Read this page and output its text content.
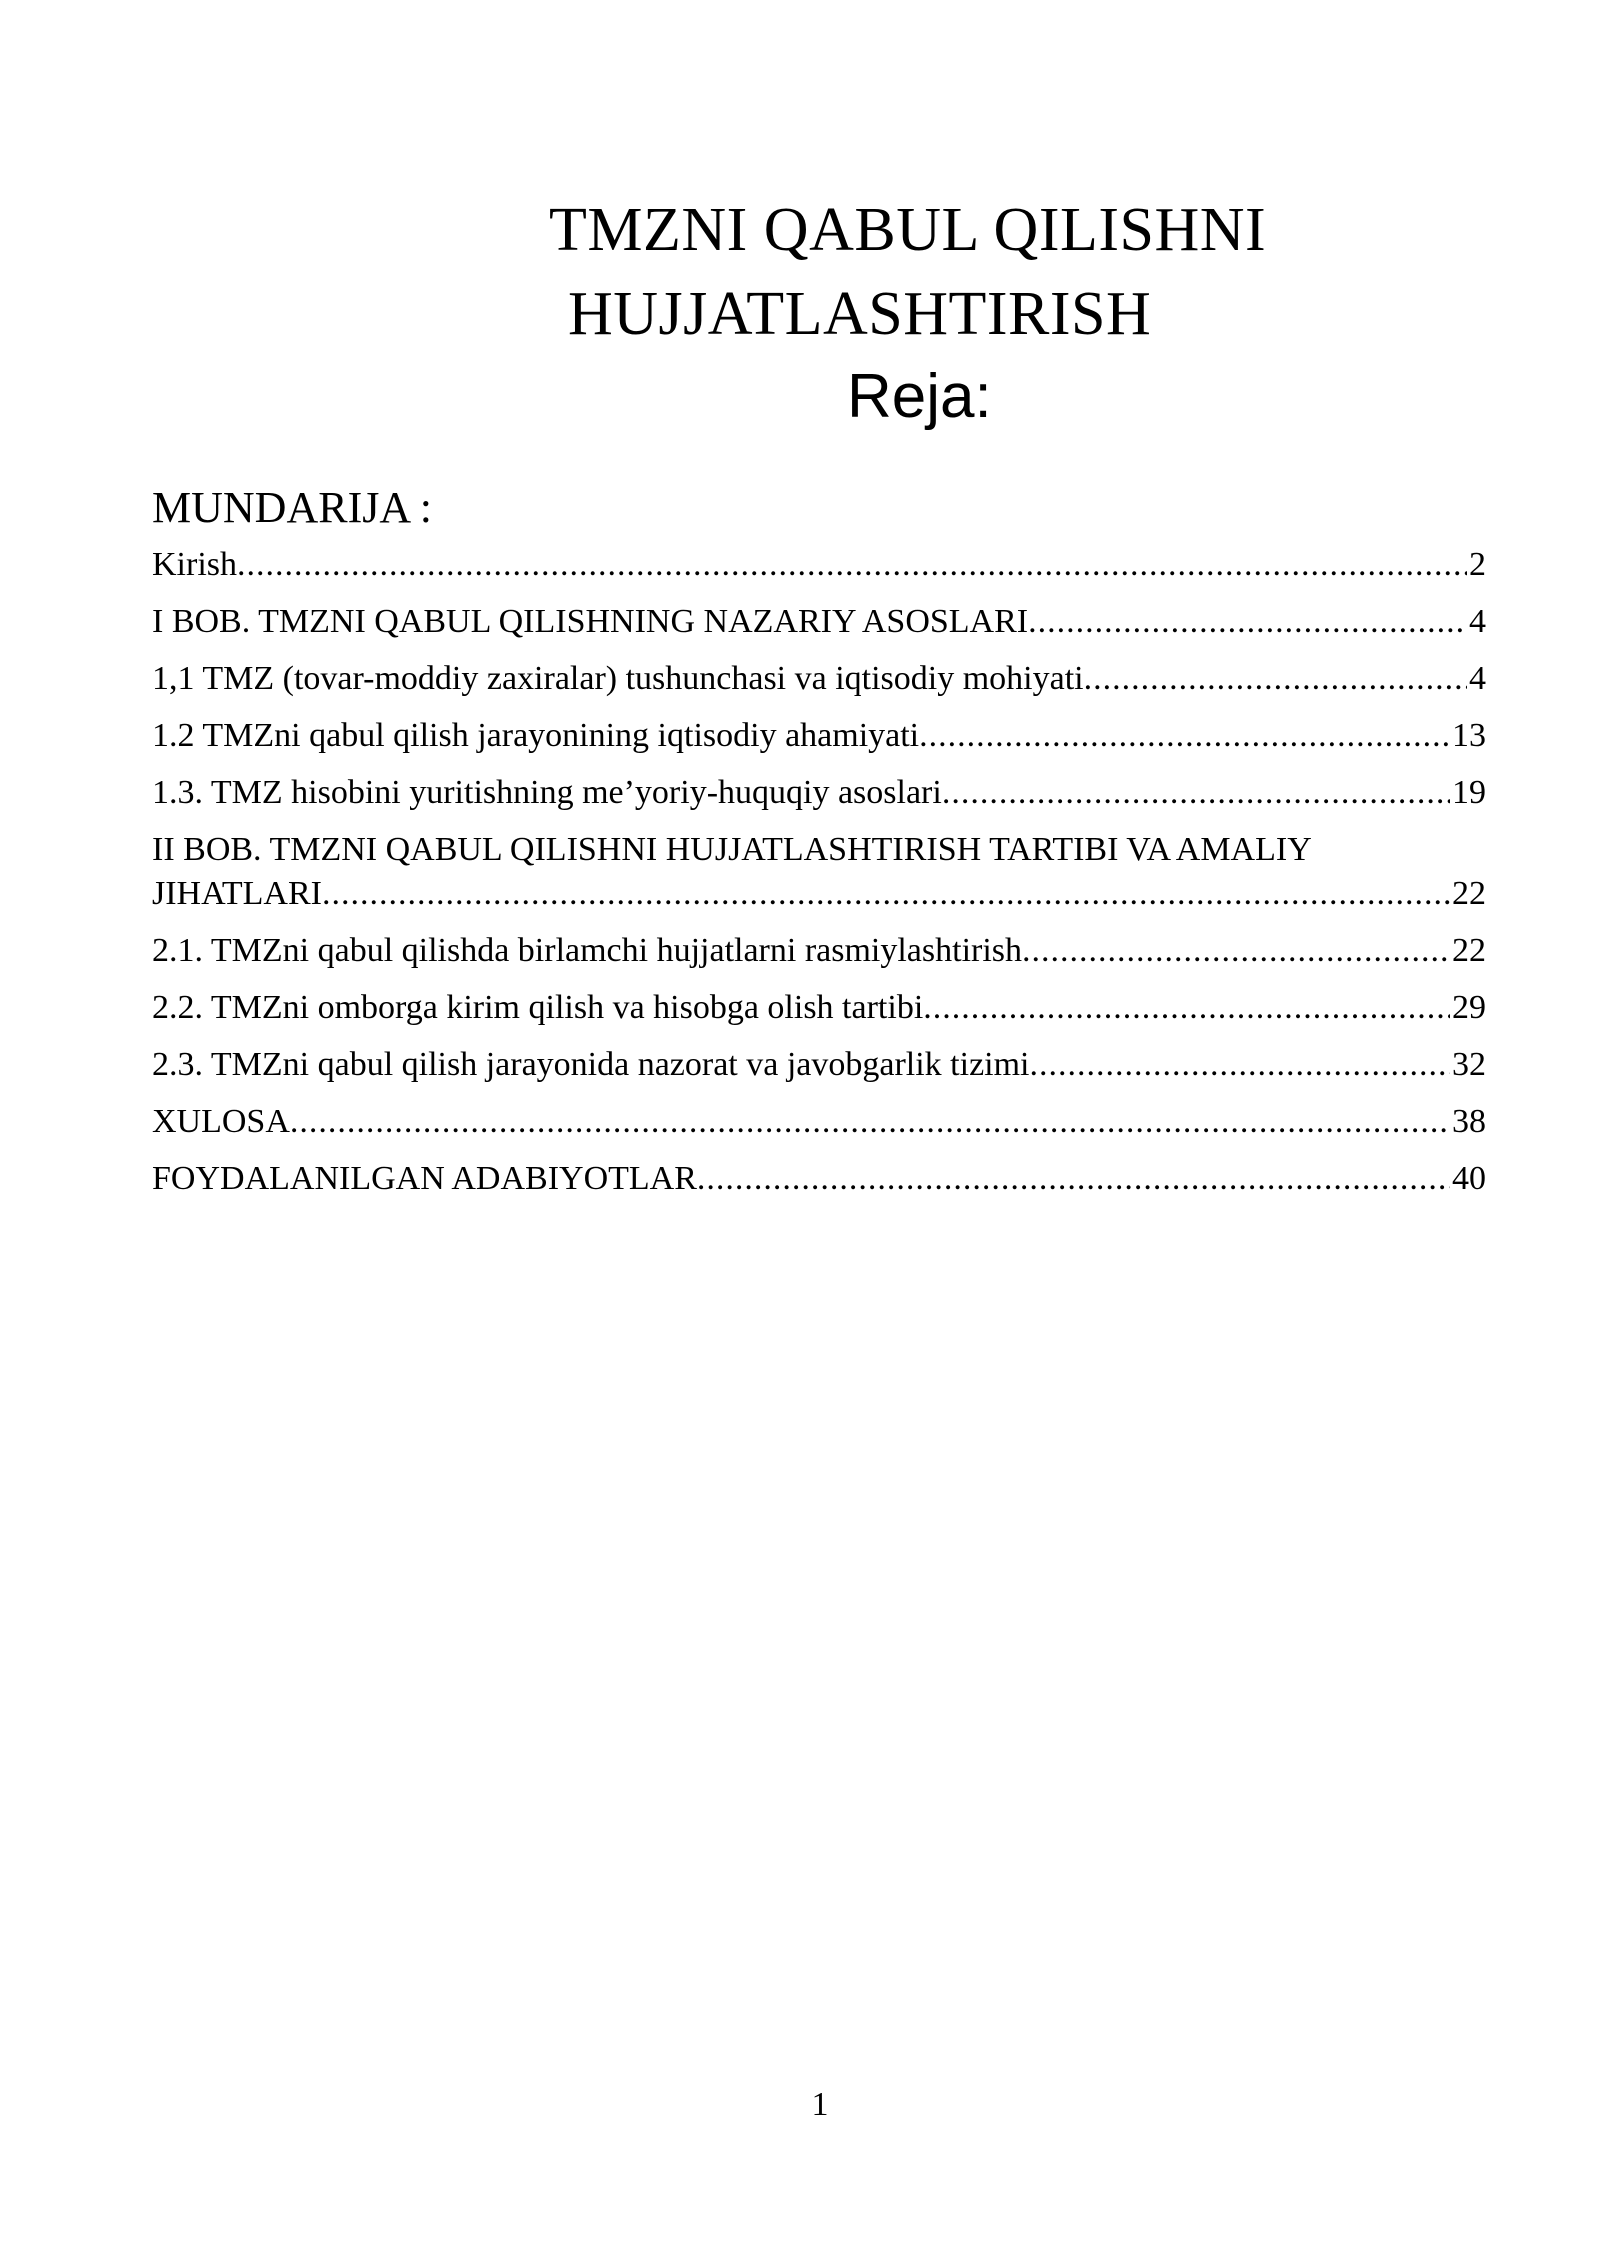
TMZNI QABUL QILISHNI
HUJJATLASHTIRISH
Reja:
MUNDARIJA :
Kirish .....	2
I BOB. TMZNI QABUL QILISHNING NAZARIY ASOSLARI .....	4
1,1 TMZ (tovar-moddiy zaxiralar) tushunchasi va iqtisodiy mohiyati .....	4
1.2 TMZni qabul qilish jarayonining iqtisodiy ahamiyati .....	13
1.3. TMZ hisobini yuritishning me’yoriy-huquqiy asoslari .....	19
II BOB. TMZNI QABUL QILISHNI HUJJATLASHTIRISH TARTIBI VA AMALIY
JIHATLARI .....	22
2.1. TMZni qabul qilishda birlamchi hujjatlarni rasmiylashtirish .....	22
2.2. TMZni omborga kirim qilish va hisobga olish tartibi .....	29
2.3. TMZni qabul qilish jarayonida nazorat va javobgarlik tizimi .....	32
XULOSA .....	38
FOYDALANILGAN ADABIYOTLAR .....	40
1
